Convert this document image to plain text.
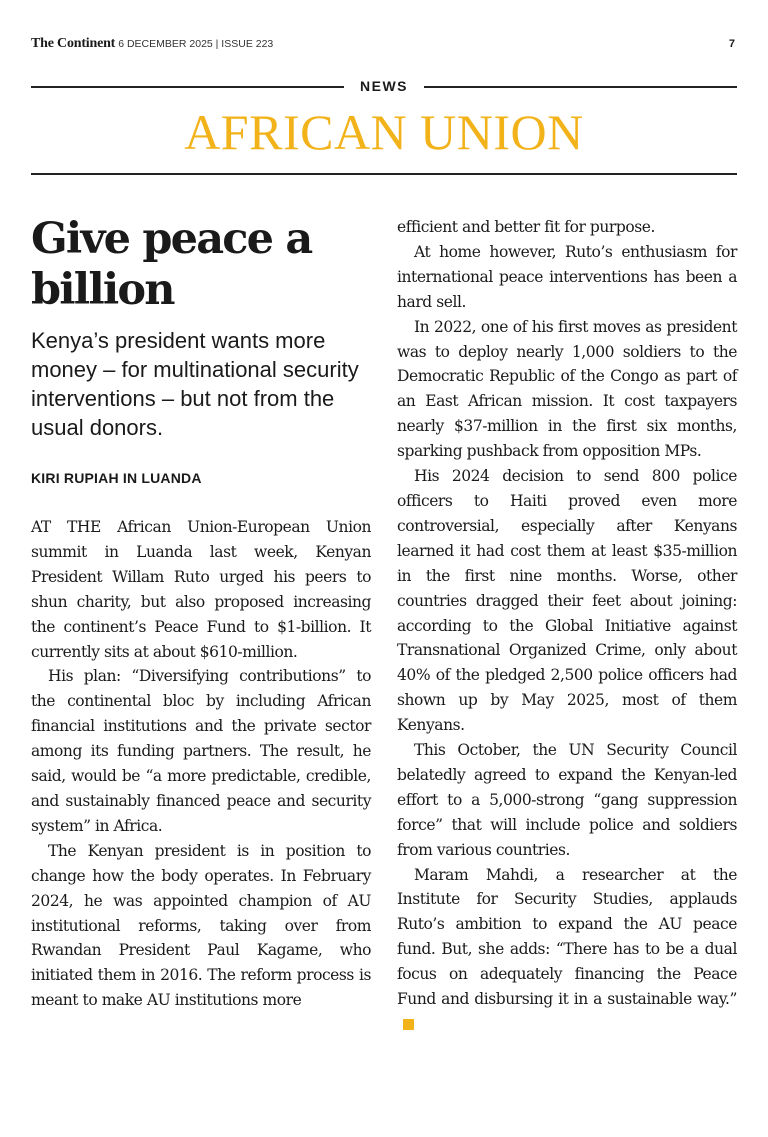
The Continent 6 DECEMBER 2025 | ISSUE 223	7
NEWS
AFRICAN UNION
Give peace a billion

Kenya’s president wants more money – for multinational security interventions – but not from the usual donors.

KIRI RUPIAH IN LUANDA

AT THE African Union-European Union summit in Luanda last week, Kenyan President Willam Ruto urged his peers to shun charity, but also proposed increasing the continent’s Peace Fund to $1-billion. It currently sits at about $610-million.

His plan: “Diversifying contributions” to the continental bloc by including African financial institutions and the private sector among its funding partners. The result, he said, would be “a more predictable, credible, and sustainably financed peace and security system” in Africa.

The Kenyan president is in position to change how the body operates. In February 2024, he was appointed champion of AU institutional reforms, taking over from Rwandan President Paul Kagame, who initiated them in 2016. The reform process is meant to make AU institutions more

efficient and better fit for purpose.

At home however, Ruto’s enthusiasm for international peace interventions has been a hard sell.

In 2022, one of his first moves as president was to deploy nearly 1,000 soldiers to the Democratic Republic of the Congo as part of an East African mission. It cost taxpayers nearly $37-million in the first six months, sparking pushback from opposition MPs.

His 2024 decision to send 800 police officers to Haiti proved even more controversial, especially after Kenyans learned it had cost them at least $35-million in the first nine months. Worse, other countries dragged their feet about joining: according to the Global Initiative against Transnational Organized Crime, only about 40% of the pledged 2,500 police officers had shown up by May 2025, most of them Kenyans.

This October, the UN Security Council belatedly agreed to expand the Kenyan-led effort to a 5,000-strong “gang suppression force” that will include police and soldiers from various countries.

Maram Mahdi, a researcher at the Institute for Security Studies, applauds Ruto’s ambition to expand the AU peace fund. But, she adds: “There has to be a dual focus on adequately financing the Peace Fund and disbursing it in a sustainable way.”
